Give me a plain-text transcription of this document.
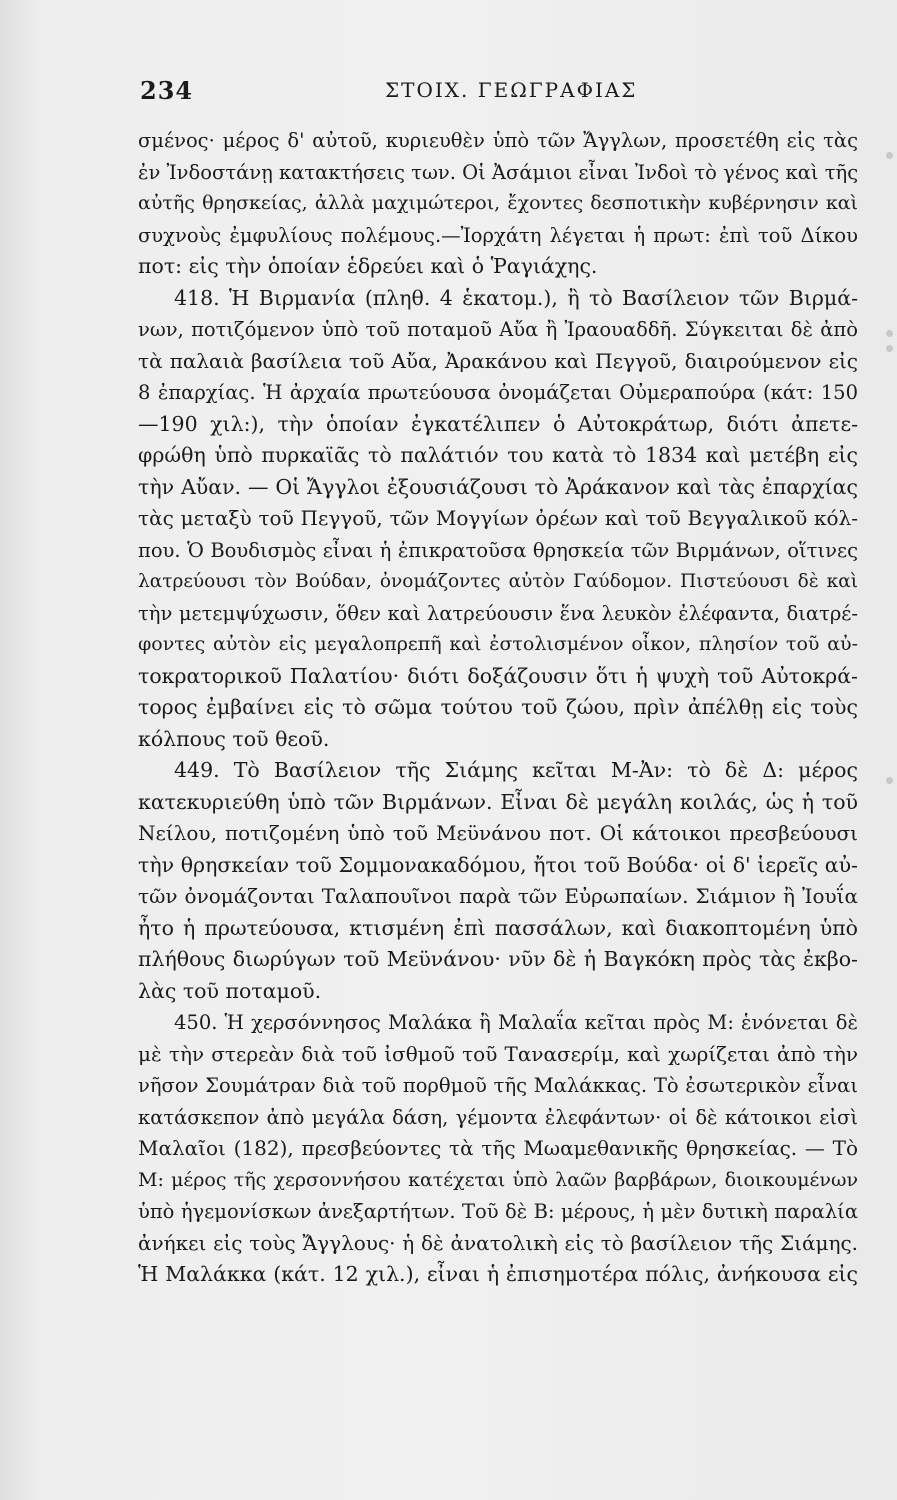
234	ΣΤΟΙΧ. ΓΕΩΓΡΑΦΙΑΣ
σμένος· μέρος δ' αὐτοῦ, κυριευθὲν ὑπὸ τῶν Ἄγγλων, προσετέθη εἰς τὰς
ἐν Ἰνδοστάνῃ κατακτήσεις των. Οἱ Ἀσάμιοι εἶναι Ἰνδοὶ τὸ γένος καὶ τῆς
αὐτῆς θρησκείας, ἀλλὰ μαχιμώτεροι, ἔχοντες δεσποτικὴν κυβέρνησιν καὶ
συχνοὺς ἐμφυλίους πολέμους.—Ἰορχάτη λέγεται ἡ πρωτ: ἐπὶ τοῦ Δίκου
ποτ: εἰς τὴν ὁποίαν ἑδρεύει καὶ ὁ Ῥαγιάχης.
418. Ἡ Βιρμανία (πληθ. 4 ἑκατομ.), ἢ τὸ Βασίλειον τῶν Βιρμά-
νων, ποτιζόμενον ὑπὸ τοῦ ποταμοῦ Αὔα ἢ Ἰραουαδδῆ. Σύγκειται δὲ ἀπὸ
τὰ παλαιὰ βασίλεια τοῦ Αὔα, Ἀρακάνου καὶ Πεγγοῦ, διαιρούμενον εἰς
8 ἐπαρχίας. Ἡ ἀρχαία πρωτεύουσα ὀνομάζεται Οὐμεραπούρα (κάτ: 150
—190 χιλ:), τὴν ὁποίαν ἐγκατέλιπεν ὁ Αὐτοκράτωρ, διότι ἀπετε-
φρώθη ὑπὸ πυρκαϊᾶς τὸ παλάτιόν του κατὰ τὸ 1834 καὶ μετέβη εἰς
τὴν Αὔαν. — Οἱ Ἄγγλοι ἐξουσιάζουσι τὸ Ἀράκανον καὶ τὰς ἐπαρχίας
τὰς μεταξὺ τοῦ Πεγγοῦ, τῶν Μογγίων ὀρέων καὶ τοῦ Βεγγαλικοῦ κόλ-
που. Ὁ Βουδισμὸς εἶναι ἡ ἐπικρατοῦσα θρησκεία τῶν Βιρμάνων, οἵτινες
λατρεύουσι τὸν Βούδαν, ὀνομάζοντες αὐτὸν Γαύδομον. Πιστεύουσι δὲ καὶ
τὴν μετεμψύχωσιν, ὅθεν καὶ λατρεύουσιν ἕνα λευκὸν ἐλέφαντα, διατρέ-
φοντες αὐτὸν εἰς μεγαλοπρεπῆ καὶ ἐστολισμένον οἶκον, πλησίον τοῦ αὐ-
τοκρατορικοῦ Παλατίου· διότι δοξάζουσιν ὅτι ἡ ψυχὴ τοῦ Αὐτοκρά-
τορος ἐμβαίνει εἰς τὸ σῶμα τούτου τοῦ ζώου, πρὶν ἀπέλθῃ εἰς τοὺς
κόλπους τοῦ θεοῦ.
449. Τὸ Βασίλειον τῆς Σιάμης κεῖται Μ-Ἀν: τὸ δὲ Δ: μέρος
κατεκυριεύθη ὑπὸ τῶν Βιρμάνων. Εἶναι δὲ μεγάλη κοιλάς, ὡς ἡ τοῦ
Νείλου, ποτιζομένη ὑπὸ τοῦ Μεϋνάνου ποτ. Οἱ κάτοικοι πρεσβεύουσι
τὴν θρησκείαν τοῦ Σομμονακαδόμου, ἤτοι τοῦ Βούδα· οἱ δ' ἱερεῖς αὐ-
τῶν ὀνομάζονται Ταλαπουῖνοι παρὰ τῶν Εὐρωπαίων. Σιάμιον ἢ Ἰουΐα
ἦτο ἡ πρωτεύουσα, κτισμένη ἐπὶ πασσάλων, καὶ διακοπτομένη ὑπὸ
πλήθους διωρύγων τοῦ Μεϋνάνου· νῦν δὲ ἡ Βαγκόκη πρὸς τὰς ἐκβο-
λὰς τοῦ ποταμοῦ.
450. Ἡ χερσόννησος Μαλάκα ἢ Μαλαΐα κεῖται πρὸς Μ: ἑνόνεται δὲ
μὲ τὴν στερεὰν διὰ τοῦ ἰσθμοῦ τοῦ Τανασερίμ, καὶ χωρίζεται ἀπὸ τὴν
νῆσον Σουμάτραν διὰ τοῦ πορθμοῦ τῆς Μαλάκκας. Τὸ ἐσωτερικὸν εἶναι
κατάσκεπον ἀπὸ μεγάλα δάση, γέμοντα ἐλεφάντων· οἱ δὲ κάτοικοι εἰσὶ
Μαλαῖοι (182), πρεσβεύοντες τὰ τῆς Μωαμεθανικῆς θρησκείας. — Τὸ
Μ: μέρος τῆς χερσοννήσου κατέχεται ὑπὸ λαῶν βαρβάρων, διοικουμένων
ὑπὸ ἡγεμονίσκων ἀνεξαρτήτων. Τοῦ δὲ Β: μέρους, ἡ μὲν δυτικὴ παραλία
ἀνήκει εἰς τοὺς Ἄγγλους· ἡ δὲ ἀνατολικὴ εἰς τὸ βασίλειον τῆς Σιάμης.
Ἡ Μαλάκκα (κάτ. 12 χιλ.), εἶναι ἡ ἐπισημοτέρα πόλις, ἀνήκουσα εἰς
